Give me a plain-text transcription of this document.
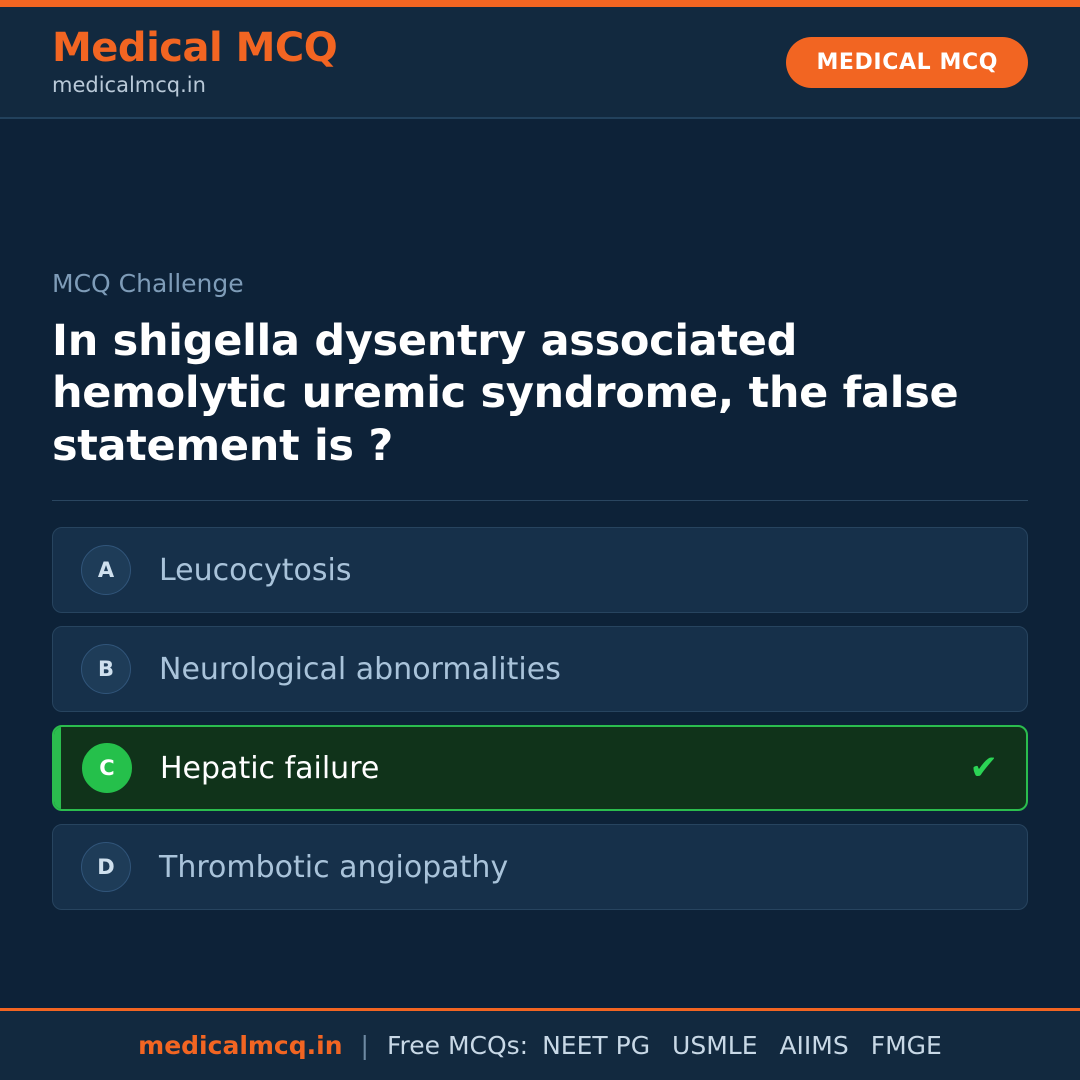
Medical MCQ
medicalmcq.in
MEDICAL MCQ
MCQ Challenge
In shigella dysentry associated hemolytic uremic syndrome, the false statement is ?
A	Leucocytosis
B	Neurological abnormalities
C	Hepatic failure	✔
D	Thrombotic angiopathy
medicalmcq.in | Free MCQs: NEET PG USMLE AIIMS FMGE
